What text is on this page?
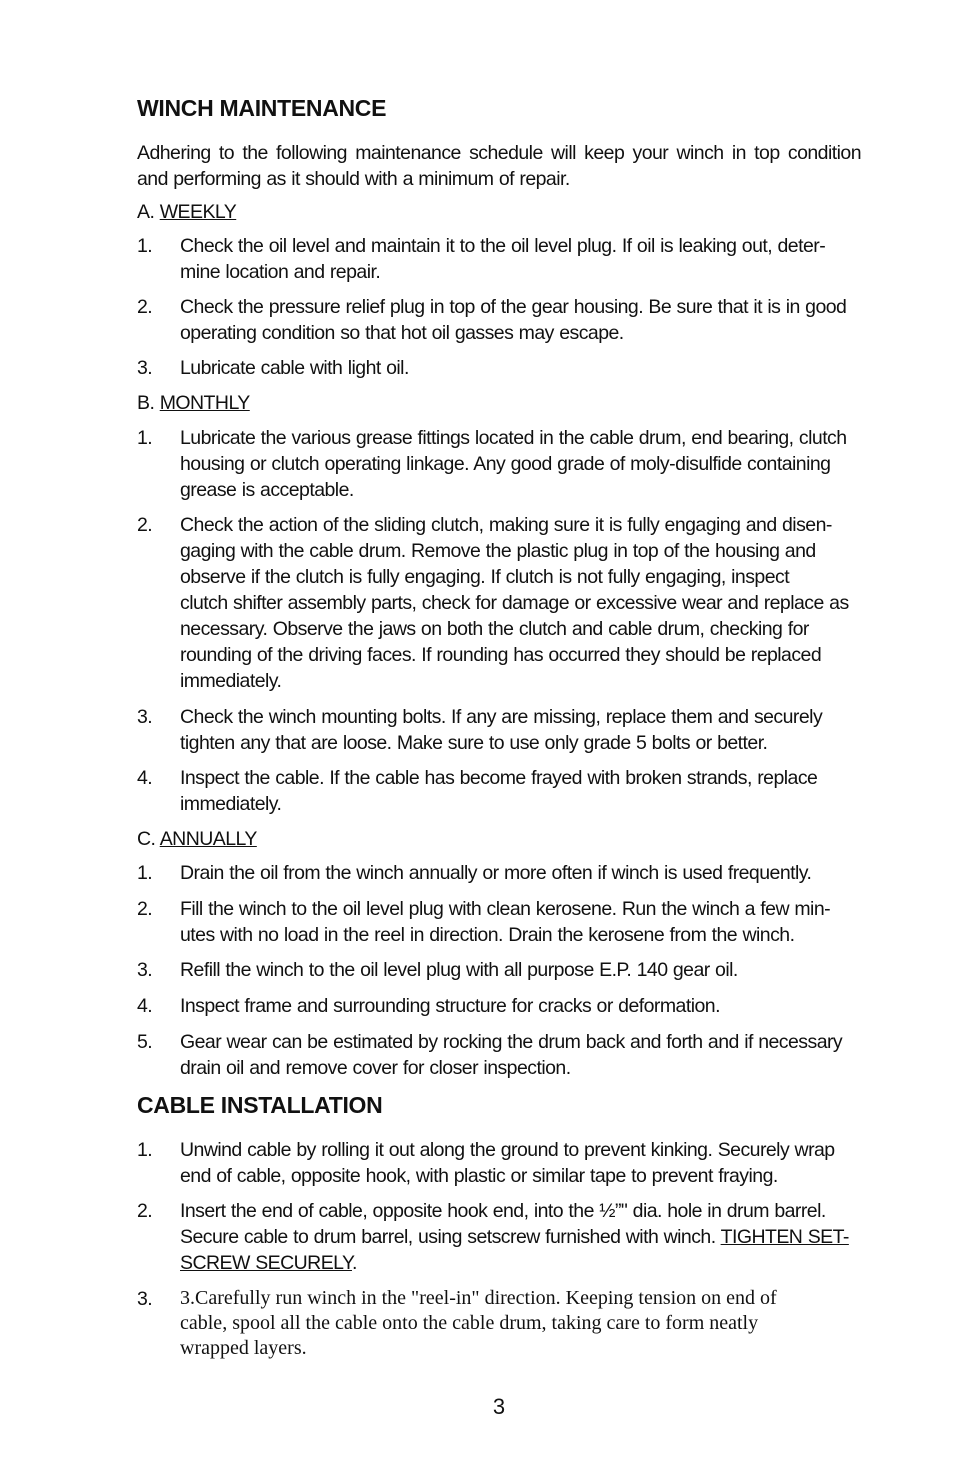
WINCH MAINTENANCE
Adhering to the following maintenance schedule will keep your winch in top condition and performing as it should with a minimum of repair.
A. WEEKLY
1. Check the oil level and maintain it to the oil level plug. If oil is leaking out, deter-
mine location and repair.
2. Check the pressure relief plug in top of the gear housing. Be sure that it is in good
operating condition so that hot oil gasses may escape.
3. Lubricate cable with light oil.
B. MONTHLY
1. Lubricate the various grease fittings located in the cable drum, end bearing, clutch
housing or clutch operating linkage. Any good grade of moly-disulfide containing
grease is acceptable.
2. Check the action of the sliding clutch, making sure it is fully engaging and disen-
gaging with the cable drum. Remove the plastic plug in top of the housing and
observe if the clutch is fully engaging. If clutch is not fully engaging, inspect
clutch shifter assembly parts, check for damage or excessive wear and replace as
necessary. Observe the jaws on both the clutch and cable drum, checking for
rounding of the driving faces. If rounding has occurred they should be replaced
immediately.
3. Check the winch mounting bolts. If any are missing, replace them and securely
tighten any that are loose. Make sure to use only grade 5 bolts or better.
4. Inspect the cable. If the cable has become frayed with broken strands, replace
immediately.
C. ANNUALLY
1. Drain the oil from the winch annually or more often if winch is used frequently.
2. Fill the winch to the oil level plug with clean kerosene. Run the winch a few min-
utes with no load in the reel in direction. Drain the kerosene from the winch.
3. Refill the winch to the oil level plug with all purpose E.P. 140 gear oil.
4. Inspect frame and surrounding structure for cracks or deformation.
5. Gear wear can be estimated by rocking the drum back and forth and if necessary
drain oil and remove cover for closer inspection.
CABLE INSTALLATION
1. Unwind cable by rolling it out along the ground to prevent kinking. Securely wrap
end of cable, opposite hook, with plastic or similar tape to prevent fraying.
2. Insert the end of cable, opposite hook end, into the ½”" dia. hole in drum barrel.
Secure cable to drum barrel, using setscrew furnished with winch. TIGHTEN SET-
SCREW SECURELY.
3. 3.Carefully run winch in the "reel-in" direction. Keeping tension on end of
cable, spool all the cable onto the cable drum, taking care to form neatly
wrapped layers.
3
